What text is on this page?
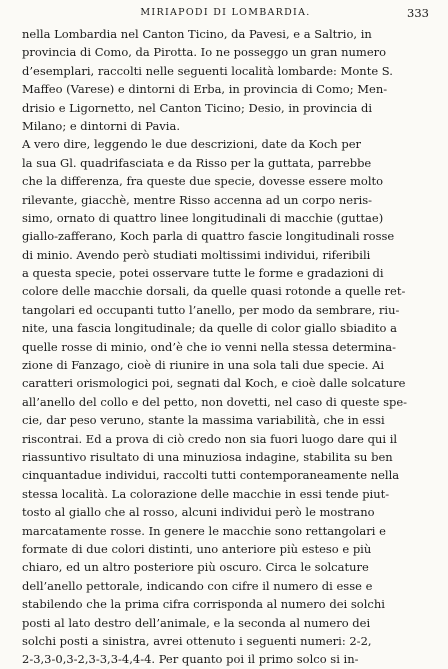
MIRIAPODI DI LOMBARDIA.	333
nella Lombardia nel Canton Ticino, da Pavesi, e a Saltrio, in
provincia di Como, da Pirotta. Io ne posseggo un gran numero
d’esemplari, raccolti nelle seguenti località lombarde: Monte S.
Maffeo (Varese) e dintorni di Erba, in provincia di Como; Men-
drisio e Ligornetto, nel Canton Ticino; Desio, in provincia di
Milano; e dintorni di Pavia.
A vero dire, leggendo le due descrizioni, date da Koch per
la sua Gl. quadrifasciata e da Risso per la guttata, parrebbe
che la differenza, fra queste due specie, dovesse essere molto
rilevante, giacchè, mentre Risso accenna ad un corpo neris-
simo, ornato di quattro linee longitudinali di macchie (guttae)
giallo-zafferano, Koch parla di quattro fascie longitudinali rosse
di minio. Avendo però studiati moltissimi individui, riferibili
a questa specie, potei osservare tutte le forme e gradazioni di
colore delle macchie dorsali, da quelle quasi rotonde a quelle ret-
tangolari ed occupanti tutto l’anello, per modo da sembrare, riu-
nite, una fascia longitudinale; da quelle di color giallo sbiadito a
quelle rosse di minio, ond’è che io venni nella stessa determina-
zione di Fanzago, cioè di riunire in una sola tali due specie. Ai
caratteri orismologici poi, segnati dal Koch, e cioè dalle solcature
all’anello del collo e del petto, non dovetti, nel caso di queste spe-
cie, dar peso veruno, stante la massima variabilità, che in essi
riscontrai. Ed a prova di ciò credo non sia fuori luogo dare qui il
riassuntivo risultato di una minuziosa indagine, stabilita su ben
cinquantadue individui, raccolti tutti contemporaneamente nella
stessa località. La colorazione delle macchie in essi tende piut-
tosto al giallo che al rosso, alcuni individui però le mostrano
marcatamente rosse. In genere le macchie sono rettangolari e
formate di due colori distinti, uno anteriore più esteso e più
chiaro, ed un altro posteriore più oscuro. Circa le solcature
dell’anello pettorale, indicando con cifre il numero di esse e
stabilendo che la prima cifra corrisponda al numero dei solchi
posti al lato destro dell’animale, e la seconda al numero dei
solchi posti a sinistra, avrei ottenuto i seguenti numeri: 2-2,
2-3,3-0,3-2,3-3,3-4,4-4. Per quanto poi il primo solco si in-
